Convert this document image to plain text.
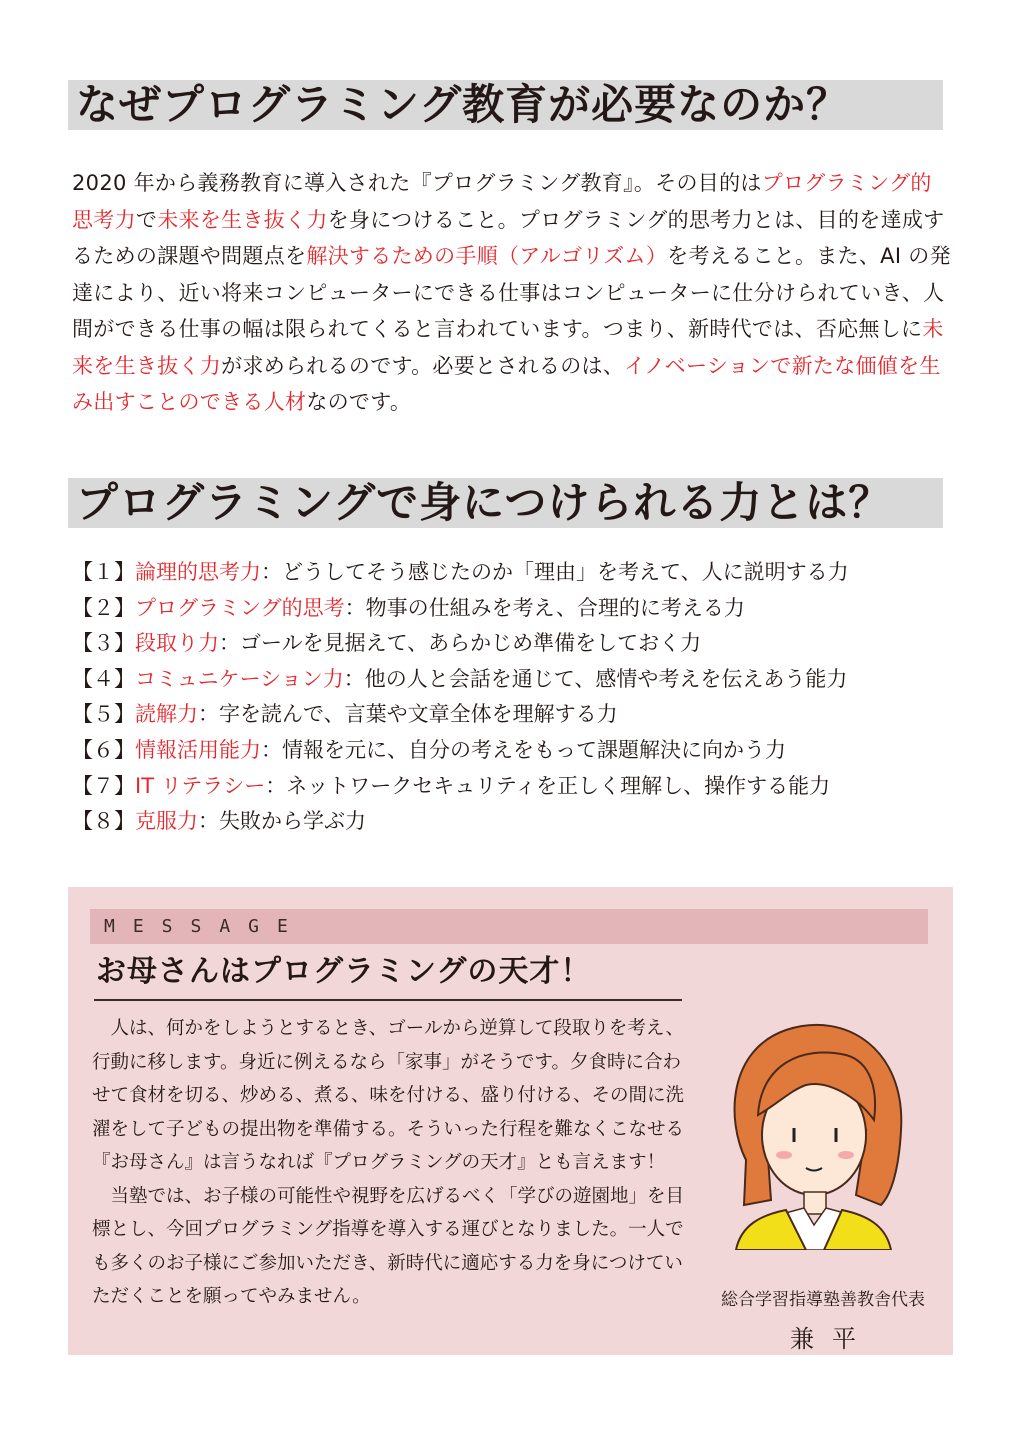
なぜプログラミング教育が必要なのか？
2020 年から義務教育に導入された『プログラミング教育』。その目的はプログラミング的思考力で未来を生き抜く力を身につけること。プログラミング的思考力とは、目的を達成するための課題や問題点を解決するための手順（アルゴリズム）を考えること。また、AI の発達により、近い将来コンピューターにできる仕事はコンピューターに仕分けられていき、人間ができる仕事の幅は限られてくると言われています。つまり、新時代では、否応無しに未来を生き抜く力が求められるのです。必要とされるのは、イノベーションで新たな価値を生み出すことのできる人材なのです。
プログラミングで身につけられる力とは？
【１】論理的思考力：どうしてそう感じたのか「理由」を考えて、人に説明する力
【２】プログラミング的思考：物事の仕組みを考え、合理的に考える力
【３】段取り力：ゴールを見据えて、あらかじめ準備をしておく力
【４】コミュニケーション力：他の人と会話を通じて、感情や考えを伝えあう能力
【５】読解力：字を読んで、言葉や文章全体を理解する力
【６】情報活用能力：情報を元に、自分の考えをもって課題解決に向かう力
【７】IT リテラシー：ネットワークセキュリティを正しく理解し、操作する能力
【８】克服力：失敗から学ぶ力
MESSAGE
お母さんはプログラミングの天才！

人は、何かをしようとするとき、ゴールから逆算して段取りを考え、行動に移します。身近に例えるなら「家事」がそうです。夕食時に合わせて食材を切る、炒める、煮る、味を付ける、盛り付ける、その間に洗濯をして子どもの提出物を準備する。そういった行程を難なくこなせる『お母さん』は言うなれば『プログラミングの天才』とも言えます！

当塾では、お子様の可能性や視野を広げるべく「学びの遊園地」を目標とし、今回プログラミング指導を導入する運びとなりました。一人でも多くのお子様にご参加いただき、新時代に適応する力を身につけていただくことを願ってやみません。	総合学習指導塾善教舎代表
兼平
